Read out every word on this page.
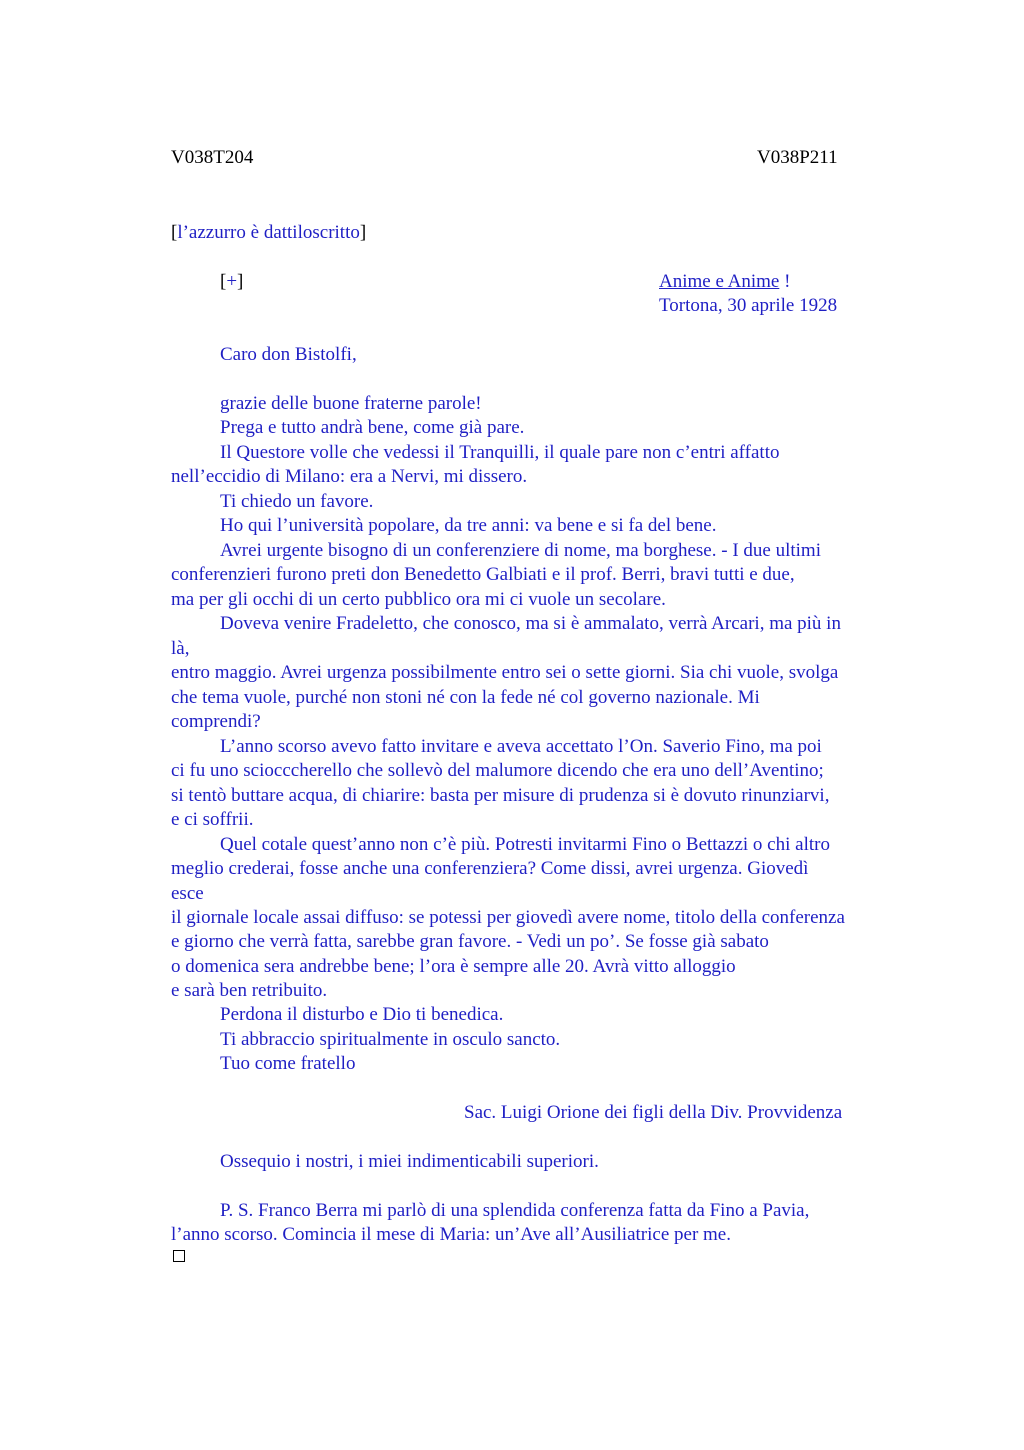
V038T204	V038P211
[l’azzurro è dattiloscritto]
[+]	Anime e Anime !
Tortona, 30 aprile 1928
Caro don Bistolfi,
grazie delle buone fraterne parole!
Prega e tutto andrà bene, come già pare.
Il Questore volle che vedessi il Tranquilli, il quale pare non c’entri affatto
nell’eccidio di Milano: era a Nervi, mi dissero.
Ti chiedo un favore.
Ho qui l’università popolare, da tre anni: va bene e si fa del bene.
Avrei urgente bisogno di un conferenziere di nome, ma borghese. - I due ultimi
conferenzieri furono preti don Benedetto Galbiati e il prof. Berri, bravi tutti e due,
ma per gli occhi di un certo pubblico ora mi ci vuole un secolare.
Doveva venire Fradeletto, che conosco, ma si è ammalato, verrà Arcari, ma più in
là,
entro maggio. Avrei urgenza possibilmente entro sei o sette giorni. Sia chi vuole, svolga
che tema vuole, purché non stoni né con la fede né col governo nazionale. Mi
comprendi?
L’anno scorso avevo fatto invitare e aveva accettato l’On. Saverio Fino, ma poi
ci fu uno sciocccherello che sollevò del malumore dicendo che era uno dell’Aventino;
si tentò buttare acqua, di chiarire: basta per misure di prudenza si è dovuto rinunziarvi,
e ci soffrii.
Quel cotale quest’anno non c’è più. Potresti invitarmi Fino o Bettazzi o chi altro
meglio crederai, fosse anche una conferenziera? Come dissi, avrei urgenza. Giovedì
esce
il giornale locale assai diffuso: se potessi per giovedì avere nome, titolo della conferenza
e giorno che verrà fatta, sarebbe gran favore. - Vedi un po’. Se fosse già sabato
o domenica sera andrebbe bene; l’ora è sempre alle 20. Avrà vitto alloggio
e sarà ben retribuito.
Perdona il disturbo e Dio ti benedica.
Ti abbraccio spiritualmente in osculo sancto.
Tuo come fratello
Sac. Luigi Orione dei figli della Div. Provvidenza
Ossequio i nostri, i miei indimenticabili superiori.
P. S. Franco Berra mi parlò di una splendida conferenza fatta da Fino a Pavia,
l’anno scorso. Comincia il mese di Maria: un’Ave all’Ausiliatrice per me.
